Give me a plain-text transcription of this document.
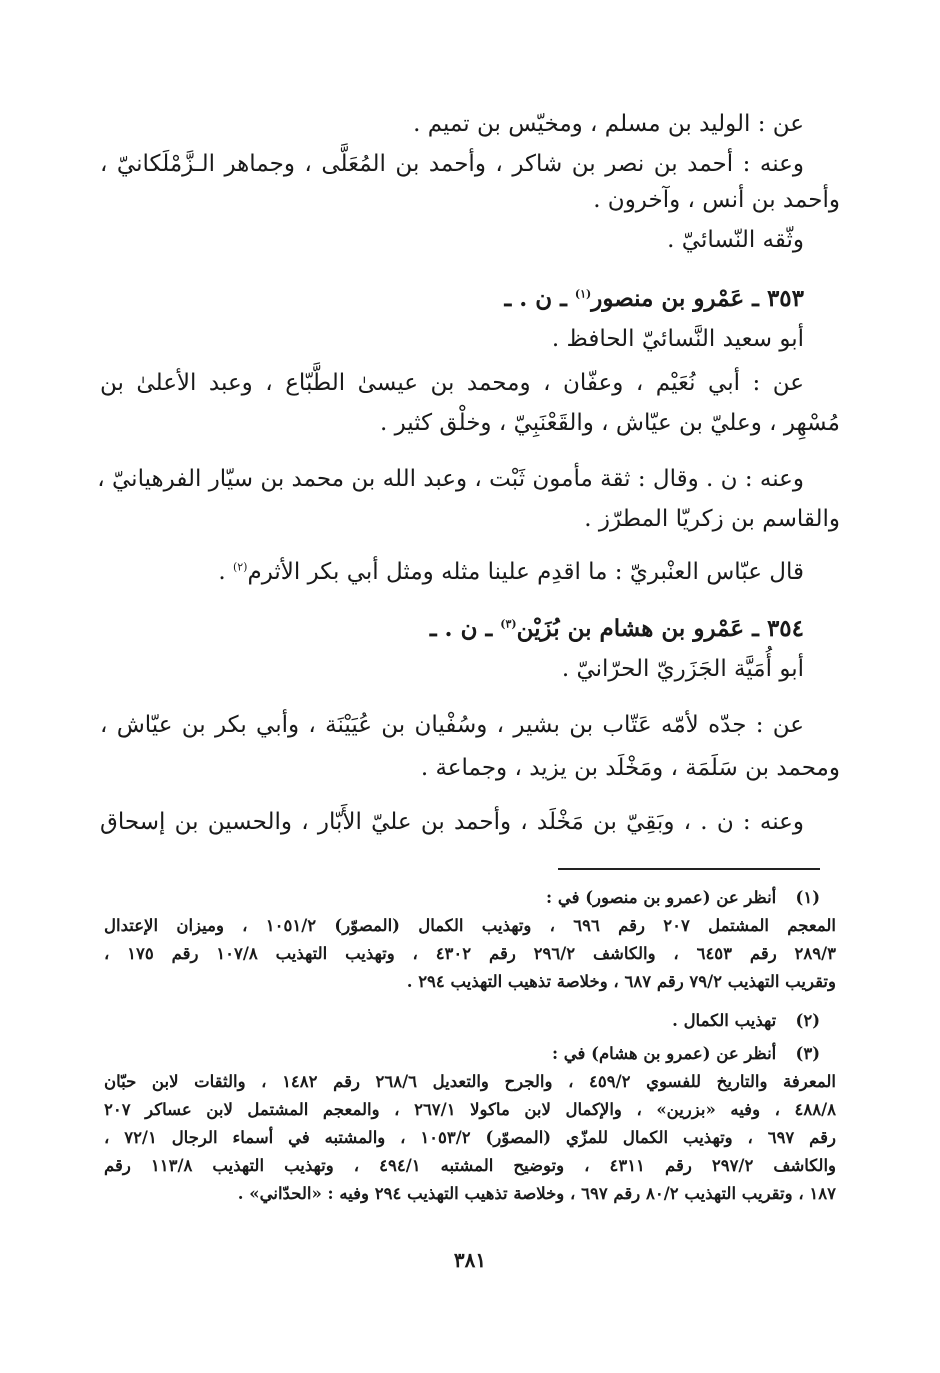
عن : الوليد بن مسلم ، ومخيّس بن تميم .
وعنه : أحمد بن نصر بن شاكر ، وأحمد بن المُعَلَّى ، وجماهر الـزَّمْلَكانيّ ،
وأحمد بن أنس ، وآخرون .
وثّقه النّسائيّ .
٣٥٣ ـ عَمْرو بن منصور$^{(١)}$ ـ ن . ـ
أبو سعيد النَّسائيّ الحافظ .
عن : أبي نُعَيْم ، وعفّان ، ومحمد بن عيسىٰ الطَّبّاع ، وعبد الأعلىٰ بن
مُسْهِر ، وعليّ بن عيّاش ، والقَعْنَبِيّ ، وخلْق كثير .
وعنه : ن . وقال : ثقة مأمون ثَبْت ، وعبد الله بن محمد بن سيّار الفرهيانيّ ،
والقاسم بن زكريّا المطرّز .
قال عبّاس العنْبريّ : ما اقدِم علينا مثله ومثل أبي بكر الأثرم$^{(٢)}$ .
٣٥٤ ـ عَمْرو بن هشام بن بُزَيْن$^{(٣)}$ ـ ن . ـ
أبو أُمَيَّة الجَزَريّ الحرّانيّ .
عن : جدّه لأمّه عَتّاب بن بشير ، وسُفْيان بن عُيَيْنَة ، وأبي بكر بن عيّاش ،
ومحمد بن سَلَمَة ، ومَخْلَد بن يزيد ، وجماعة .
وعنه : ن . ، وبَقِيّ بن مَخْلَد ، وأحمد بن عليّ الأَبّار ، والحسين بن إسحاق
(١) أنظر عن (عمرو بن منصور) في :
المعجم المشتمل ٢٠٧ رقم ٦٩٦ ، وتهذيب الكمال (المصوّر) ١٠٥١/٢ ، وميزان الإعتدال
٢٨٩/٣ رقم ٦٤٥٣ ، والكاشف ٢٩٦/٢ رقم ٤٣٠٢ ، وتهذيب التهذيب ١٠٧/٨ رقم ١٧٥ ،
وتقريب التهذيب ٧٩/٢ رقم ٦٨٧ ، وخلاصة تذهيب التهذيب ٢٩٤ .
(٢) تهذيب الكمال .
(٣) أنظر عن (عمرو بن هشام) في :
المعرفة والتاريخ للفسوي ٤٥٩/٢ ، والجرح والتعديل ٢٦٨/٦ رقم ١٤٨٢ ، والثقات لابن حبّان
٤٨٨/٨ ، وفيه «بزرين» ، والإكمال لابن ماكولا ٢٦٧/١ ، والمعجم المشتمل لابن عساكر ٢٠٧
رقم ٦٩٧ ، وتهذيب الكمال للمزّي (المصوّر) ١٠٥٣/٢ ، والمشتبه في أسماء الرجال ٧٢/١ ،
والكاشف ٢٩٧/٢ رقم ٤٣١١ ، وتوضيح المشتبه ٤٩٤/١ ، وتهذيب التهذيب ١١٣/٨ رقم
١٨٧ ، وتقريب التهذيب ٨٠/٢ رقم ٦٩٧ ، وخلاصة تذهيب التهذيب ٢٩٤ وفيه : «الحدّاني» .
٣٨١
